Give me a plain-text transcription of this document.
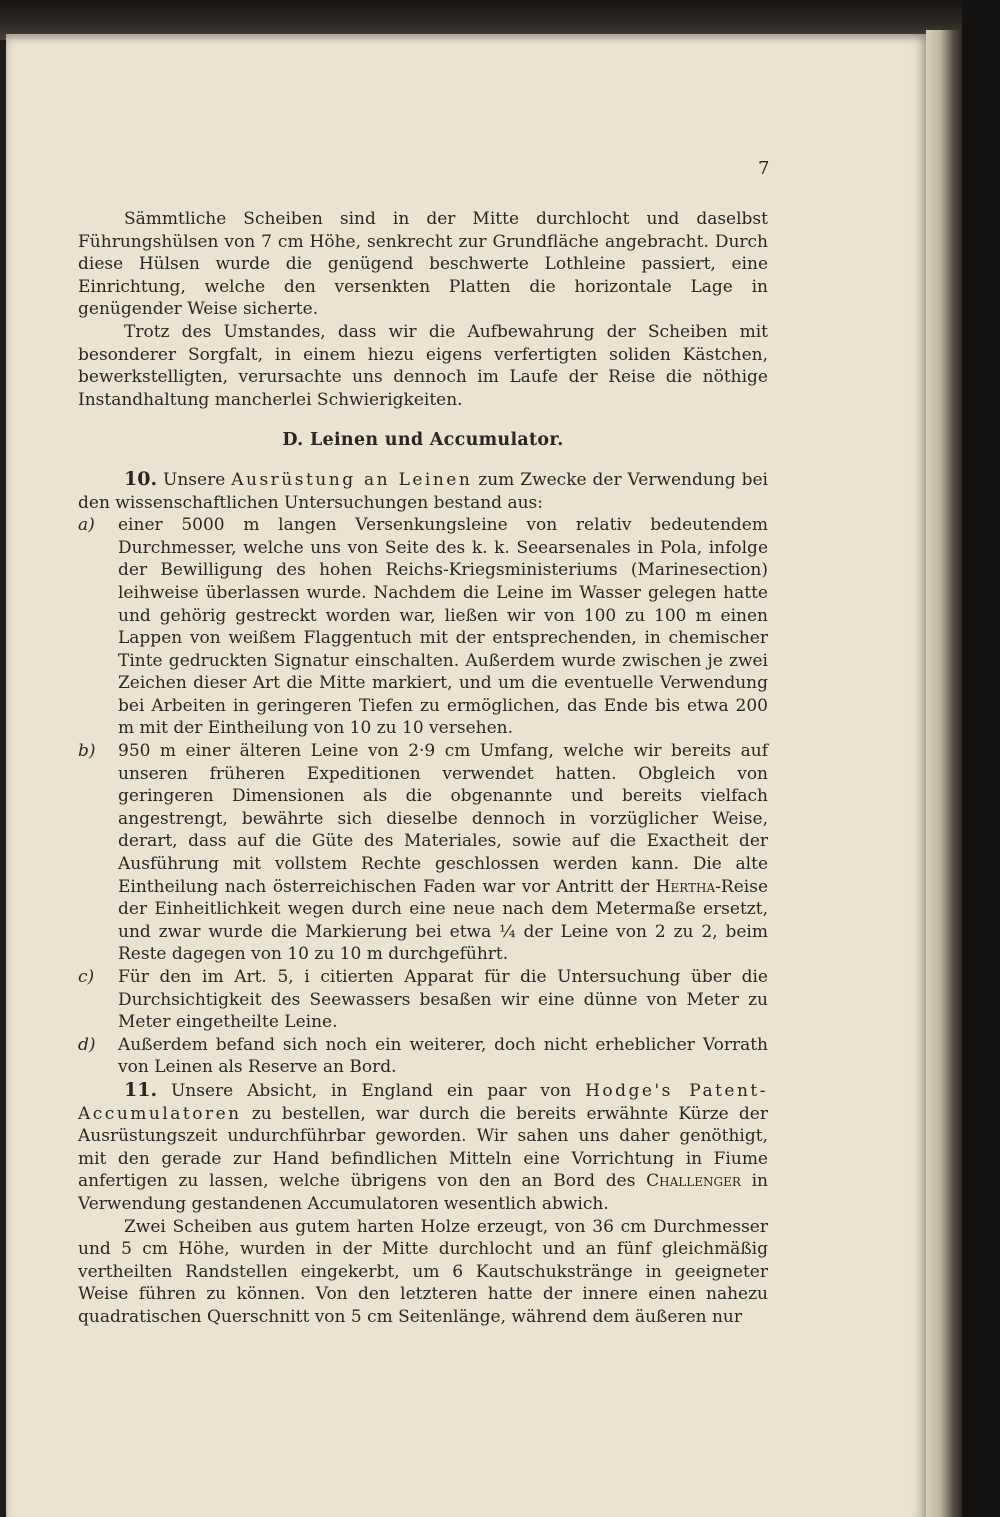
7

Sämmtliche Scheiben sind in der Mitte durchlocht und daselbst Führungshülsen von 7 cm Höhe, senkrecht zur Grundfläche angebracht. Durch diese Hülsen wurde die genügend beschwerte Lothleine passiert, eine Einrichtung, welche den versenkten Platten die horizontale Lage in genügender Weise sicherte.

Trotz des Umstandes, dass wir die Aufbewahrung der Scheiben mit besonderer Sorgfalt, in einem hiezu eigens verfertigten soliden Kästchen, bewerkstelligten, verursachte uns dennoch im Laufe der Reise die nöthige Instandhaltung mancherlei Schwierigkeiten.

D. Leinen und Accumulator.

10. Unsere Ausrüstung an Leinen zum Zwecke der Verwendung bei den wissenschaftlichen Untersuchungen bestand aus:

a) einer 5000 m langen Versenkungsleine von relativ bedeutendem Durchmesser, welche uns von Seite des k. k. Seearsenales in Pola, infolge der Bewilligung des hohen Reichs-Kriegsministeriums (Marinesection) leihweise überlassen wurde. Nachdem die Leine im Wasser gelegen hatte und gehörig gestreckt worden war, ließen wir von 100 zu 100 m einen Lappen von weißem Flaggentuch mit der entsprechenden, in chemischer Tinte gedruckten Signatur einschalten. Außerdem wurde zwischen je zwei Zeichen dieser Art die Mitte markiert, und um die eventuelle Verwendung bei Arbeiten in geringeren Tiefen zu ermöglichen, das Ende bis etwa 200 m mit der Eintheilung von 10 zu 10 versehen.

b) 950 m einer älteren Leine von 2·9 cm Umfang, welche wir bereits auf unseren früheren Expeditionen verwendet hatten. Obgleich von geringeren Dimensionen als die obgenannte und bereits vielfach angestrengt, bewährte sich dieselbe dennoch in vorzüglicher Weise, derart, dass auf die Güte des Materiales, sowie auf die Exactheit der Ausführung mit vollstem Rechte geschlossen werden kann. Die alte Eintheilung nach österreichischen Faden war vor Antritt der Hertha-Reise der Einheitlichkeit wegen durch eine neue nach dem Metermaße ersetzt, und zwar wurde die Markierung bei etwa ¼ der Leine von 2 zu 2, beim Reste dagegen von 10 zu 10 m durchgeführt.

c) Für den im Art. 5, i citierten Apparat für die Untersuchung über die Durchsichtigkeit des Seewassers besaßen wir eine dünne von Meter zu Meter eingetheilte Leine.

d) Außerdem befand sich noch ein weiterer, doch nicht erheblicher Vorrath von Leinen als Reserve an Bord.

11. Unsere Absicht, in England ein paar von Hodge's Patent-Accumulatoren zu bestellen, war durch die bereits erwähnte Kürze der Ausrüstungszeit undurchführbar geworden. Wir sahen uns daher genöthigt, mit den gerade zur Hand befindlichen Mitteln eine Vorrichtung in Fiume anfertigen zu lassen, welche übrigens von den an Bord des Challenger in Verwendung gestandenen Accumulatoren wesentlich abwich.

Zwei Scheiben aus gutem harten Holze erzeugt, von 36 cm Durchmesser und 5 cm Höhe, wurden in der Mitte durchlocht und an fünf gleichmäßig vertheilten Randstellen eingekerbt, um 6 Kautschukstränge in geeigneter Weise führen zu können. Von den letzteren hatte der innere einen nahezu quadratischen Querschnitt von 5 cm Seitenlänge, während dem äußeren nur
